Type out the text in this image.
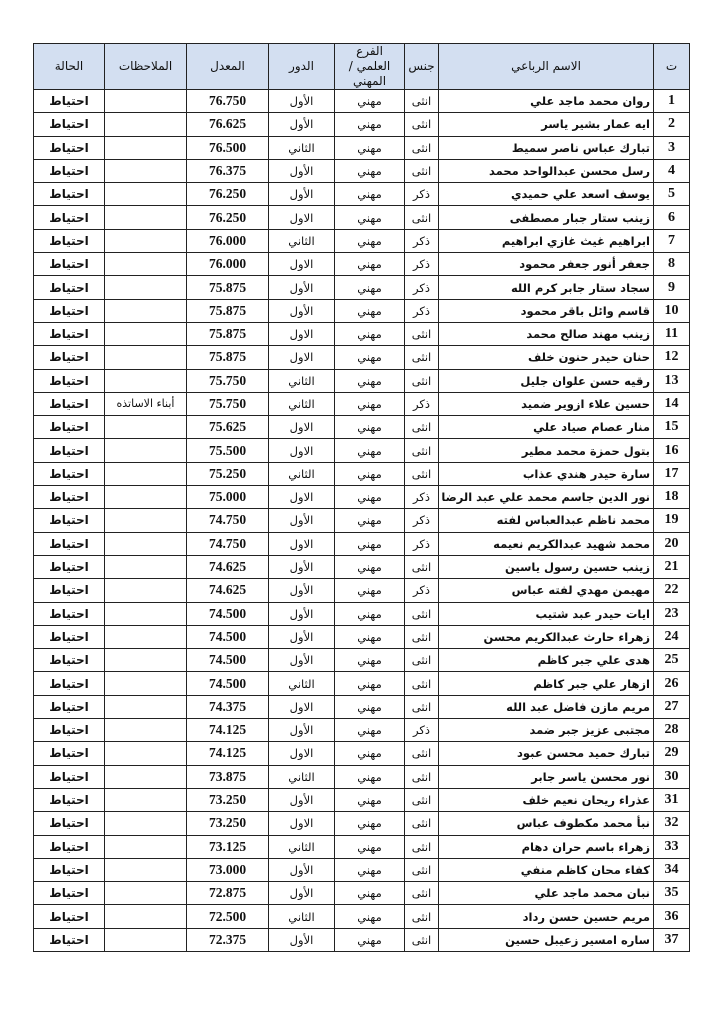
ت	الاسم الرباعي	جنس	الفرع العلمي / المهني	الدور	المعدل	الملاحظات	الحالة
1	روان محمد ماجد علي	انثى	مهني	الأول	76.750		احتياط
2	ايه عمار بشير ياسر	انثى	مهني	الأول	76.625		احتياط
3	تبارك عباس ناصر سميط	انثى	مهني	الثاني	76.500		احتياط
4	رسل محسن عبدالواحد محمد	انثى	مهني	الأول	76.375		احتياط
5	يوسف اسعد علي حميدي	ذكر	مهني	الأول	76.250		احتياط
6	زينب ستار جبار مصطفى	انثى	مهني	الاول	76.250		احتياط
7	ابراهيم غيث غازي ابراهيم	ذكر	مهني	الثاني	76.000		احتياط
8	جعفر أنور جعفر محمود	ذكر	مهني	الاول	76.000		احتياط
9	سجاد ستار جابر كرم الله	ذكر	مهني	الأول	75.875		احتياط
10	قاسم وائل باقر محمود	ذكر	مهني	الأول	75.875		احتياط
11	زينب مهند صالح محمد	انثى	مهني	الاول	75.875		احتياط
12	حنان حيدر حنون خلف	انثى	مهني	الاول	75.875		احتياط
13	رقيه حسن علوان جليل	انثى	مهني	الثاني	75.750		احتياط
14	حسين علاء ازوير ضميد	ذكر	مهني	الثاني	75.750	أبناء الاساتذه	احتياط
15	منار عصام صياد علي	انثى	مهني	الاول	75.625		احتياط
16	بتول حمزة محمد مطير	انثى	مهني	الاول	75.500		احتياط
17	سارة حيدر هندي عذاب	انثى	مهني	الثاني	75.250		احتياط
18	نور الدين جاسم محمد علي عبد الرضا	ذكر	مهني	الاول	75.000		احتياط
19	محمد ناظم عبدالعباس لفته	ذكر	مهني	الأول	74.750		احتياط
20	محمد شهيد عبدالكريم نعيمه	ذكر	مهني	الاول	74.750		احتياط
21	زينب حسين رسول ياسين	انثى	مهني	الأول	74.625		احتياط
22	مهيمن مهدي لفته عباس	ذكر	مهني	الأول	74.625		احتياط
23	ايات حيدر عبد شتيب	انثى	مهني	الأول	74.500		احتياط
24	زهراء حارث عبدالكريم محسن	انثى	مهني	الأول	74.500		احتياط
25	هدى علي جبر كاظم	انثى	مهني	الأول	74.500		احتياط
26	ازهار علي جبر كاظم	انثى	مهني	الثاني	74.500		احتياط
27	مريم مازن فاضل عبد الله	انثى	مهني	الاول	74.375		احتياط
28	مجتبى عزيز جبر ضمد	ذكر	مهني	الأول	74.125		احتياط
29	تبارك حميد محسن عبود	انثى	مهني	الاول	74.125		احتياط
30	نور محسن ياسر جابر	انثى	مهني	الثاني	73.875		احتياط
31	عذراء ريحان نعيم خلف	انثى	مهني	الأول	73.250		احتياط
32	نبأ محمد مكطوف عباس	انثى	مهني	الاول	73.250		احتياط
33	زهراء باسم حران دهام	انثى	مهني	الثاني	73.125		احتياط
34	كفاء محان كاظم منفي	انثى	مهني	الأول	73.000		احتياط
35	نبان محمد ماجد علي	انثى	مهني	الأول	72.875		احتياط
36	مريم حسين حسن رداد	انثى	مهني	الثاني	72.500		احتياط
37	ساره امسير زعيبل حسين	انثى	مهني	الأول	72.375		احتياط
